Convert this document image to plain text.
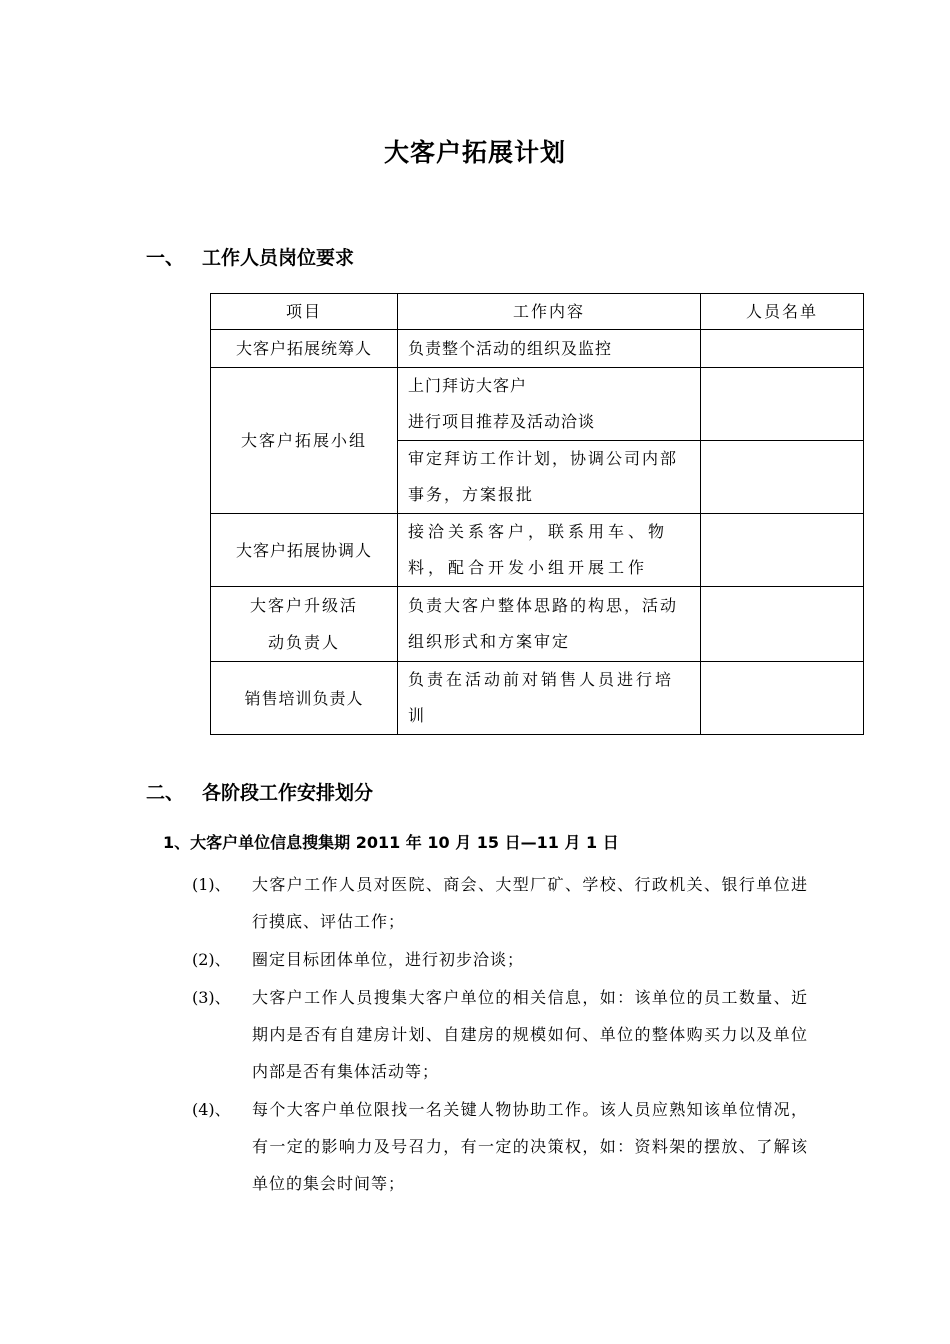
大客户拓展计划
一、 工作人员岗位要求
项目	工作内容	人员名单
大客户拓展统筹人	负责整个活动的组织及监控	
大客户拓展小组	上门拜访大客户
进行项目推荐及活动洽谈	
	审定拜访工作计划，协调公司内部事务，方案报批	
大客户拓展协调人	接洽关系客户，联系用车、物料，配合开发小组开展工作	
大客户升级活动负责人	负责大客户整体思路的构思，活动组织形式和方案审定	
销售培训负责人	负责在活动前对销售人员进行培训	
二、 各阶段工作安排划分
1、大客户单位信息搜集期 2011 年 10 月 15 日—11 月 1 日
(1)、	大客户工作人员对医院、商会、大型厂矿、学校、行政机关、银行单位进行摸底、评估工作；
(2)、	圈定目标团体单位，进行初步洽谈；
(3)、	大客户工作人员搜集大客户单位的相关信息，如：该单位的员工数量、近期内是否有自建房计划、自建房的规模如何、单位的整体购买力以及单位内部是否有集体活动等；
(4)、	每个大客户单位限找一名关键人物协助工作。该人员应熟知该单位情况，有一定的影响力及号召力，有一定的决策权，如：资料架的摆放、了解该单位的集会时间等；
